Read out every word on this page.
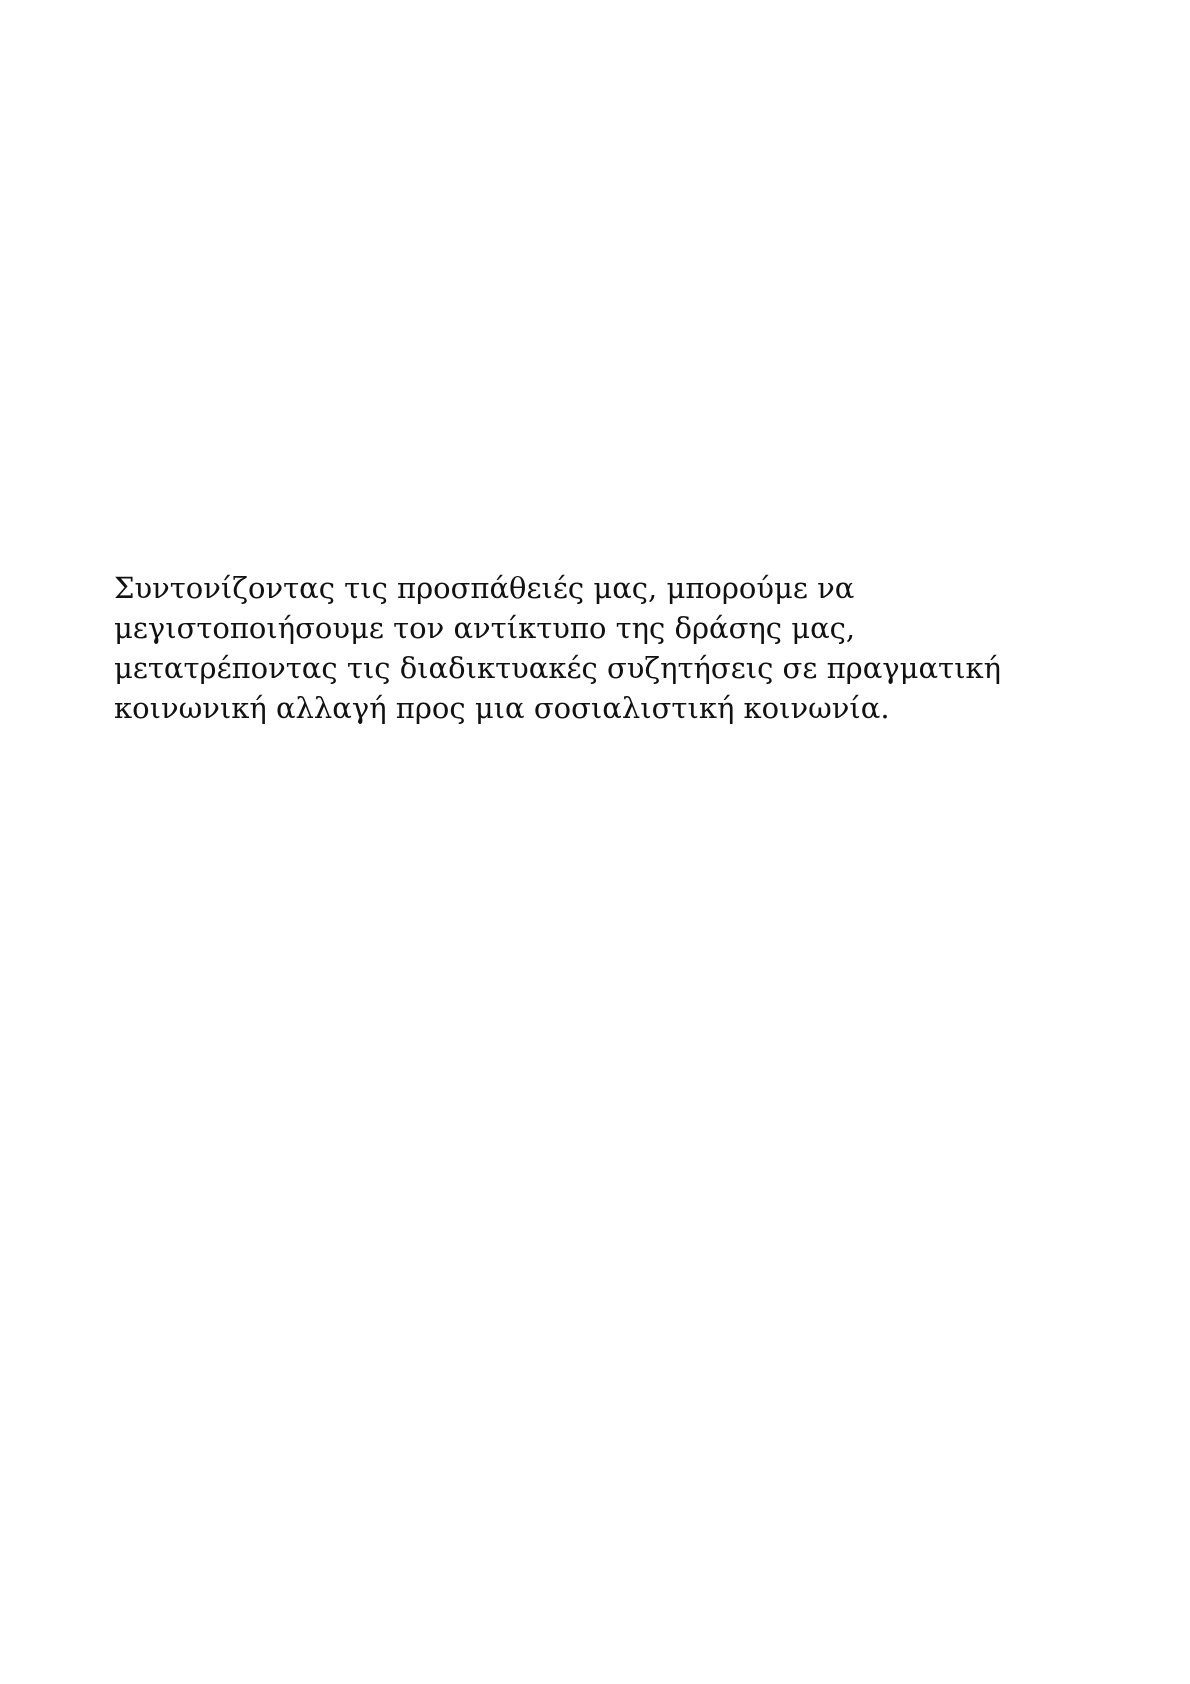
Συντονίζοντας τις προσπάθειές μας, μπορούμε να
μεγιστοποιήσουμε τον αντίκτυπο της δράσης μας,
μετατρέποντας τις διαδικτυακές συζητήσεις σε πραγματική
κοινωνική αλλαγή προς μια σοσιαλιστική κοινωνία.
